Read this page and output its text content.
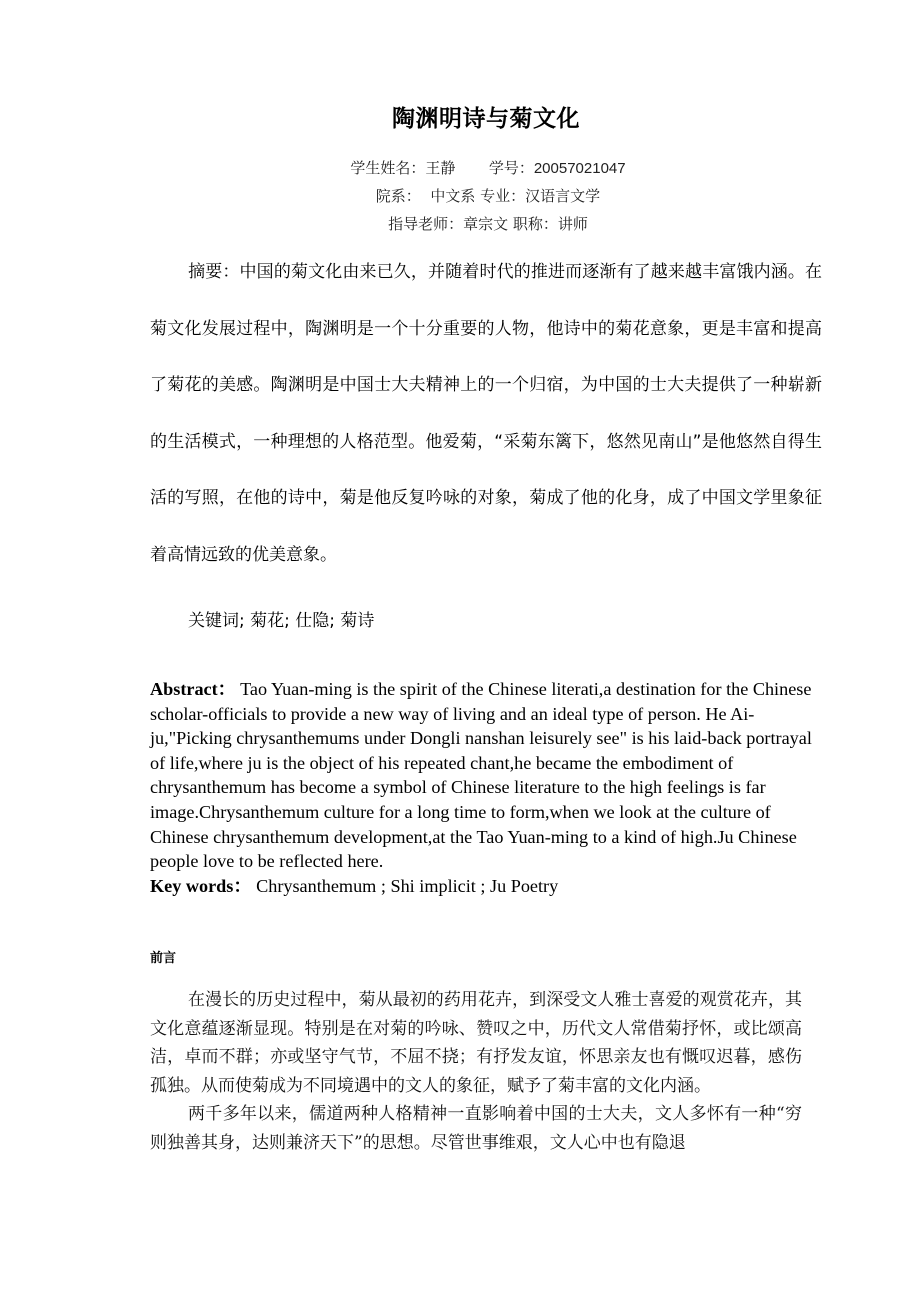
陶渊明诗与菊文化
学生姓名：王静 学号：20057021047
院系： 中文系 专业：汉语言文学
指导老师：章宗文 职称：讲师
摘要：中国的菊文化由来已久，并随着时代的推进而逐渐有了越来越丰富饿内涵。在菊文化发展过程中，陶渊明是一个十分重要的人物，他诗中的菊花意象，更是丰富和提高了菊花的美感。陶渊明是中国士大夫精神上的一个归宿，为中国的士大夫提供了一种崭新的生活模式，一种理想的人格范型。他爱菊，“采菊东篱下，悠然见南山”是他悠然自得生活的写照，在他的诗中，菊是他反复吟咏的对象，菊成了他的化身，成了中国文学里象征着高情远致的优美意象。
关键词; 菊花; 仕隐; 菊诗
Abstract： Tao Yuan-ming is the spirit of the Chinese literati,a destination for the Chinese scholar-officials to provide a new way of living and an ideal type of person. He Ai-ju,"Picking chrysanthemums under Dongli nanshan leisurely see" is his laid-back portrayal of life,where ju is the object of his repeated chant,he became the embodiment of chrysanthemum has become a symbol of Chinese literature to the high feelings is far image.Chrysanthemum culture for a long time to form,when we look at the culture of Chinese chrysanthemum development,at the Tao Yuan-ming to a kind of high.Ju Chinese people love to be reflected here.
Key words： Chrysanthemum ; Shi implicit ; Ju Poetry
前言

在漫长的历史过程中，菊从最初的药用花卉，到深受文人雅士喜爱的观赏花卉，其文化意蕴逐渐显现。特别是在对菊的吟咏、赞叹之中，历代文人常借菊抒怀，或比颂高洁，卓而不群；亦或坚守气节，不屈不挠；有抒发友谊，怀思亲友也有慨叹迟暮，感伤孤独。从而使菊成为不同境遇中的文人的象征，赋予了菊丰富的文化内涵。

两千多年以来，儒道两种人格精神一直影响着中国的士大夫，文人多怀有一种“穷则独善其身，达则兼济天下”的思想。尽管世事维艰，文人心中也有隐退
